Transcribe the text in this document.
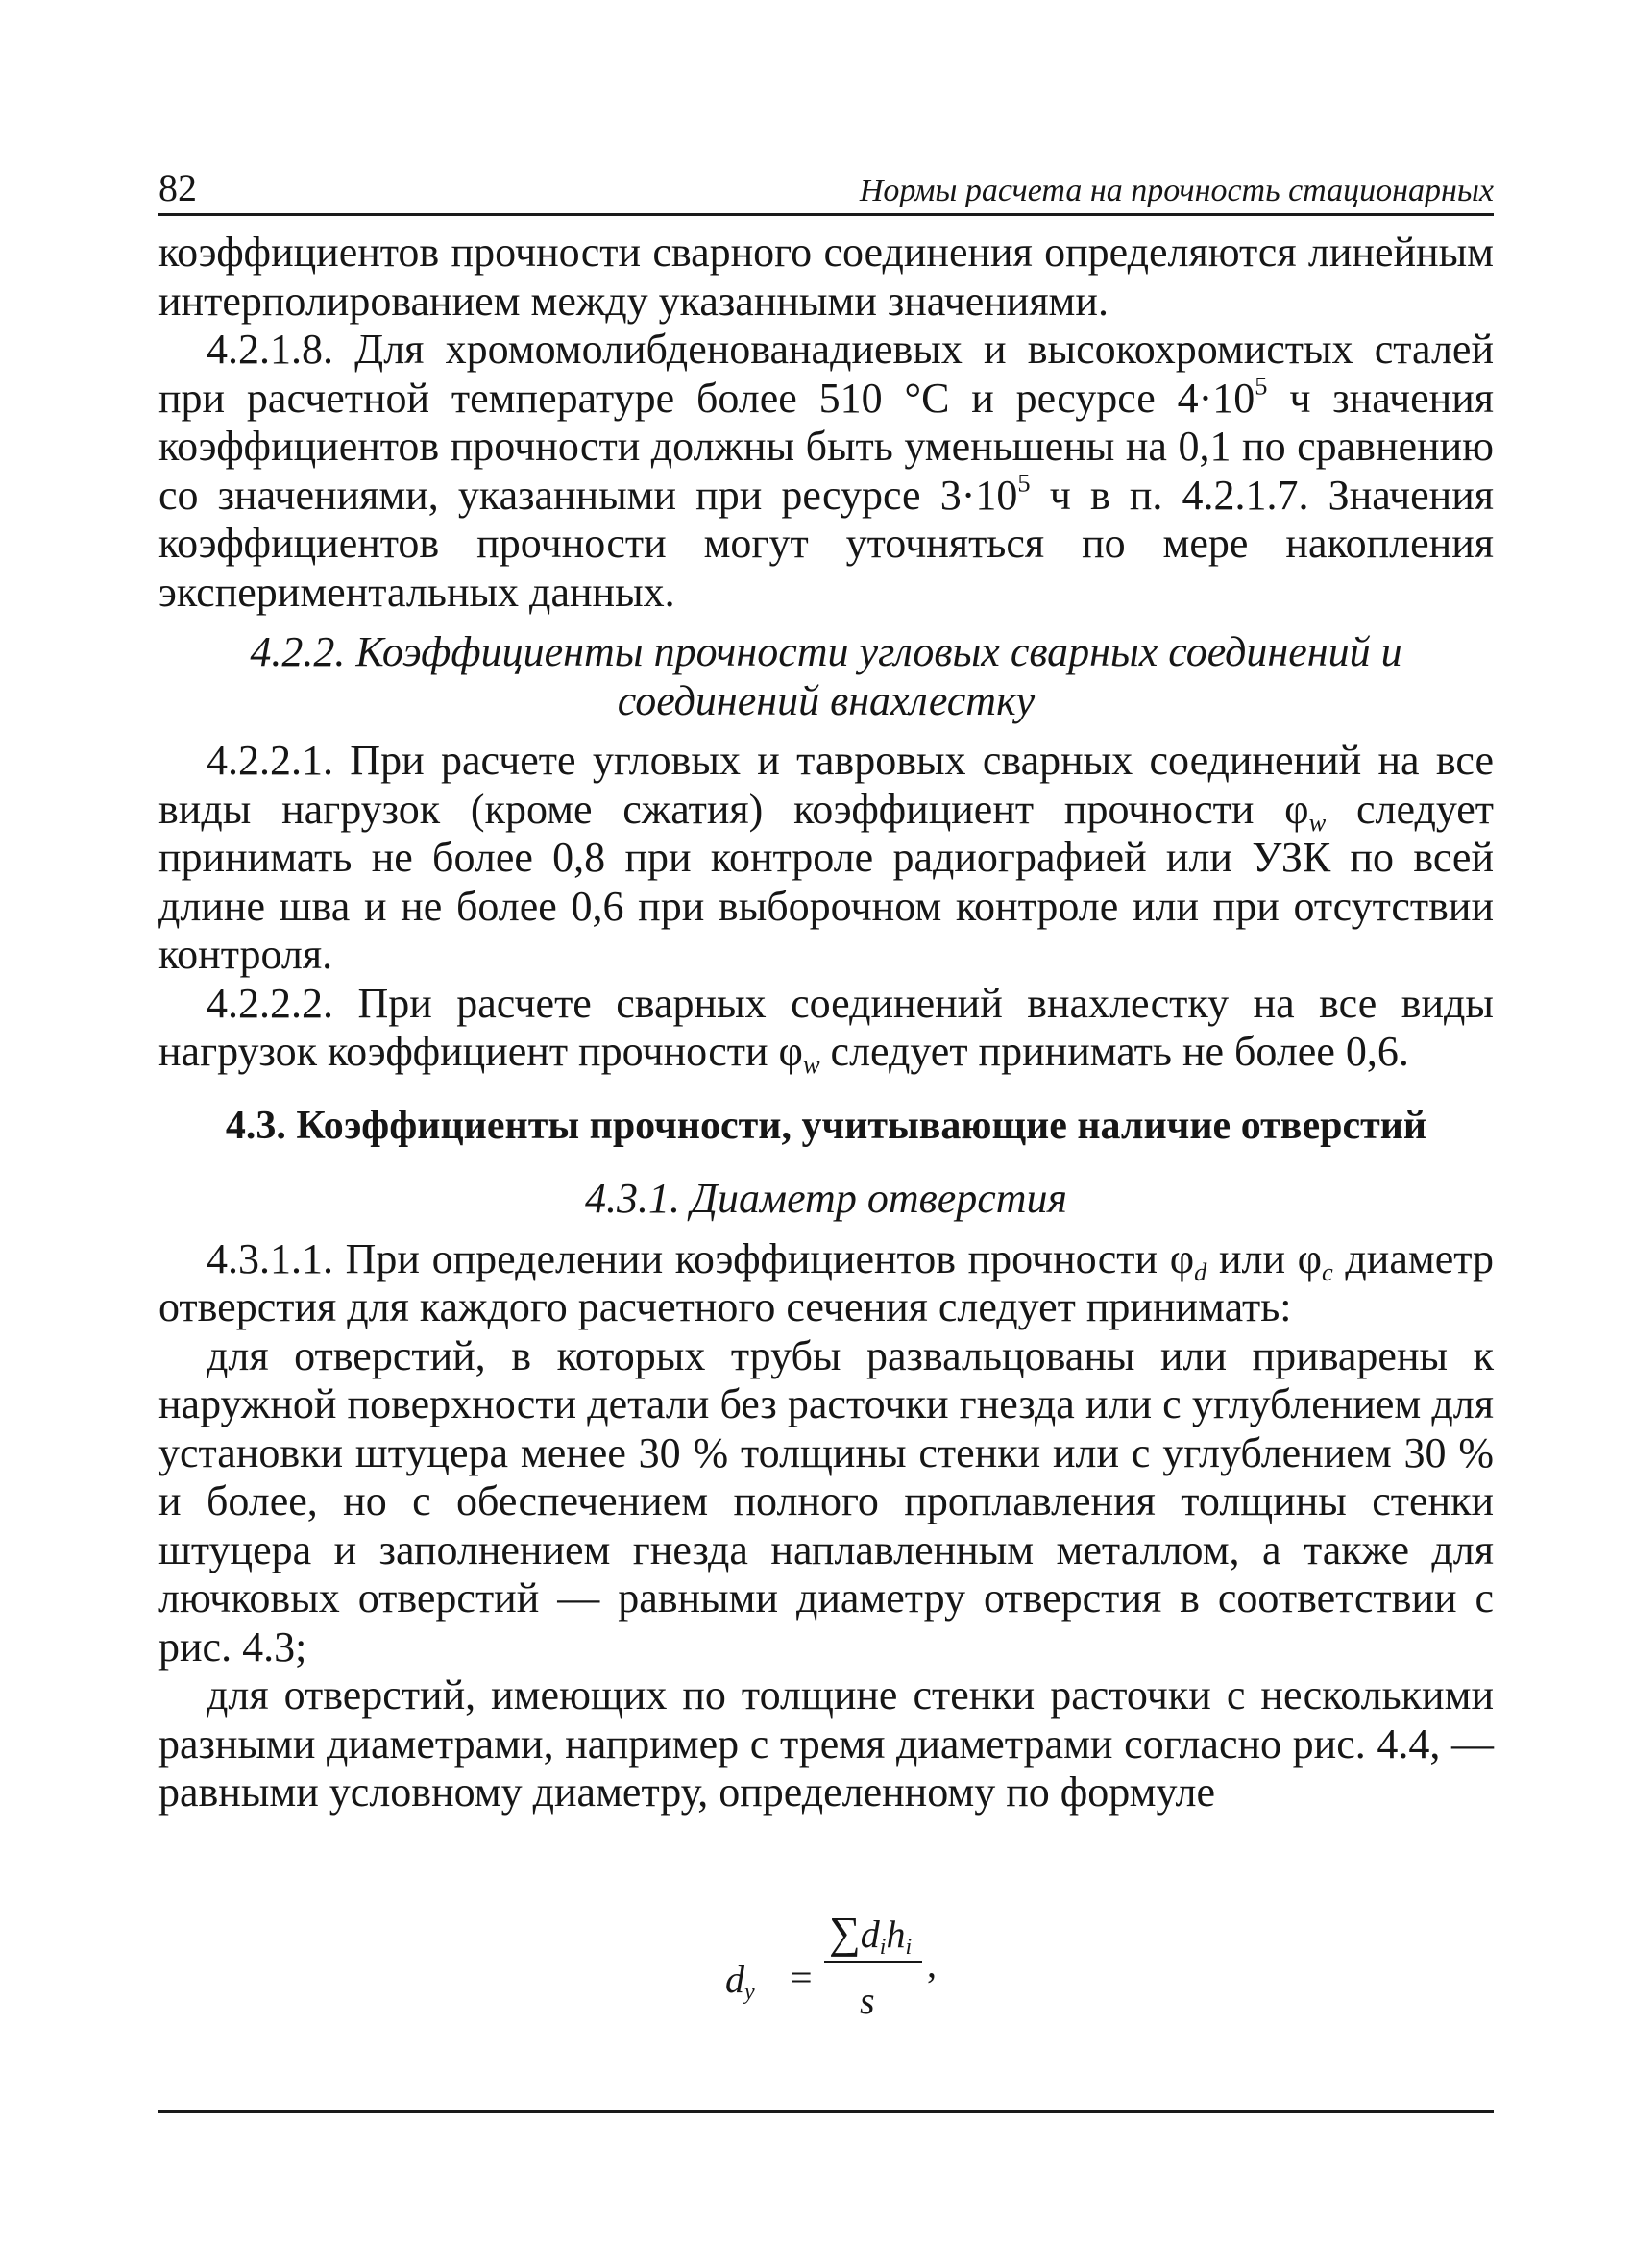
82	Нормы расчета на прочность стационарных

коэффициентов прочности сварного соединения определяются линейным интерполированием между указанными значениями.

4.2.1.8. Для хромомолибденованадиевых и высокохромистых сталей при расчетной температуре более 510 °С и ресурсе $4\cdot 10^5$ ч значения коэффициентов прочности должны быть уменьшены на 0,1 по сравнению со значениями, указанными при ресурсе $3\cdot 10^5$ ч в п. 4.2.1.7. Значения коэффициентов прочности могут уточняться по мере накопления экспериментальных данных.

4.2.2. Коэффициенты прочности угловых сварных соединений и соединений внахлестку

4.2.2.1. При расчете угловых и тавровых сварных соединений на все виды нагрузок (кроме сжатия) коэффициент прочности $\varphi_w$ следует принимать не более 0,8 при контроле радиографией или УЗК по всей длине шва и не более 0,6 при выборочном контроле или при отсутствии контроля.

4.2.2.2. При расчете сварных соединений внахлестку на все виды нагрузок коэффициент прочности $\varphi_w$ следует принимать не более 0,6.

4.3. Коэффициенты прочности, учитывающие наличие отверстий

4.3.1. Диаметр отверстия

4.3.1.1. При определении коэффициентов прочности $\varphi_d$ или $\varphi_c$ диаметр отверстия для каждого расчетного сечения следует принимать:

для отверстий, в которых трубы развальцованы или приварены к наружной поверхности детали без расточки гнезда или с углублением для установки штуцера менее 30 % толщины стенки или с углублением 30 % и более, но с обеспечением полного проплавления толщины стенки штуцера и заполнением гнезда наплавленным металлом, а также для лючковых отверстий — равными диаметру отверстия в соответствии с рис. 4.3;

для отверстий, имеющих по толщине стенки расточки с несколькими разными диаметрами, например с тремя диаметрами согласно рис. 4.4, — равными условному диаметру, определенному по формуле

$d_y$ =
$\sum d_ih_i$
s
,
